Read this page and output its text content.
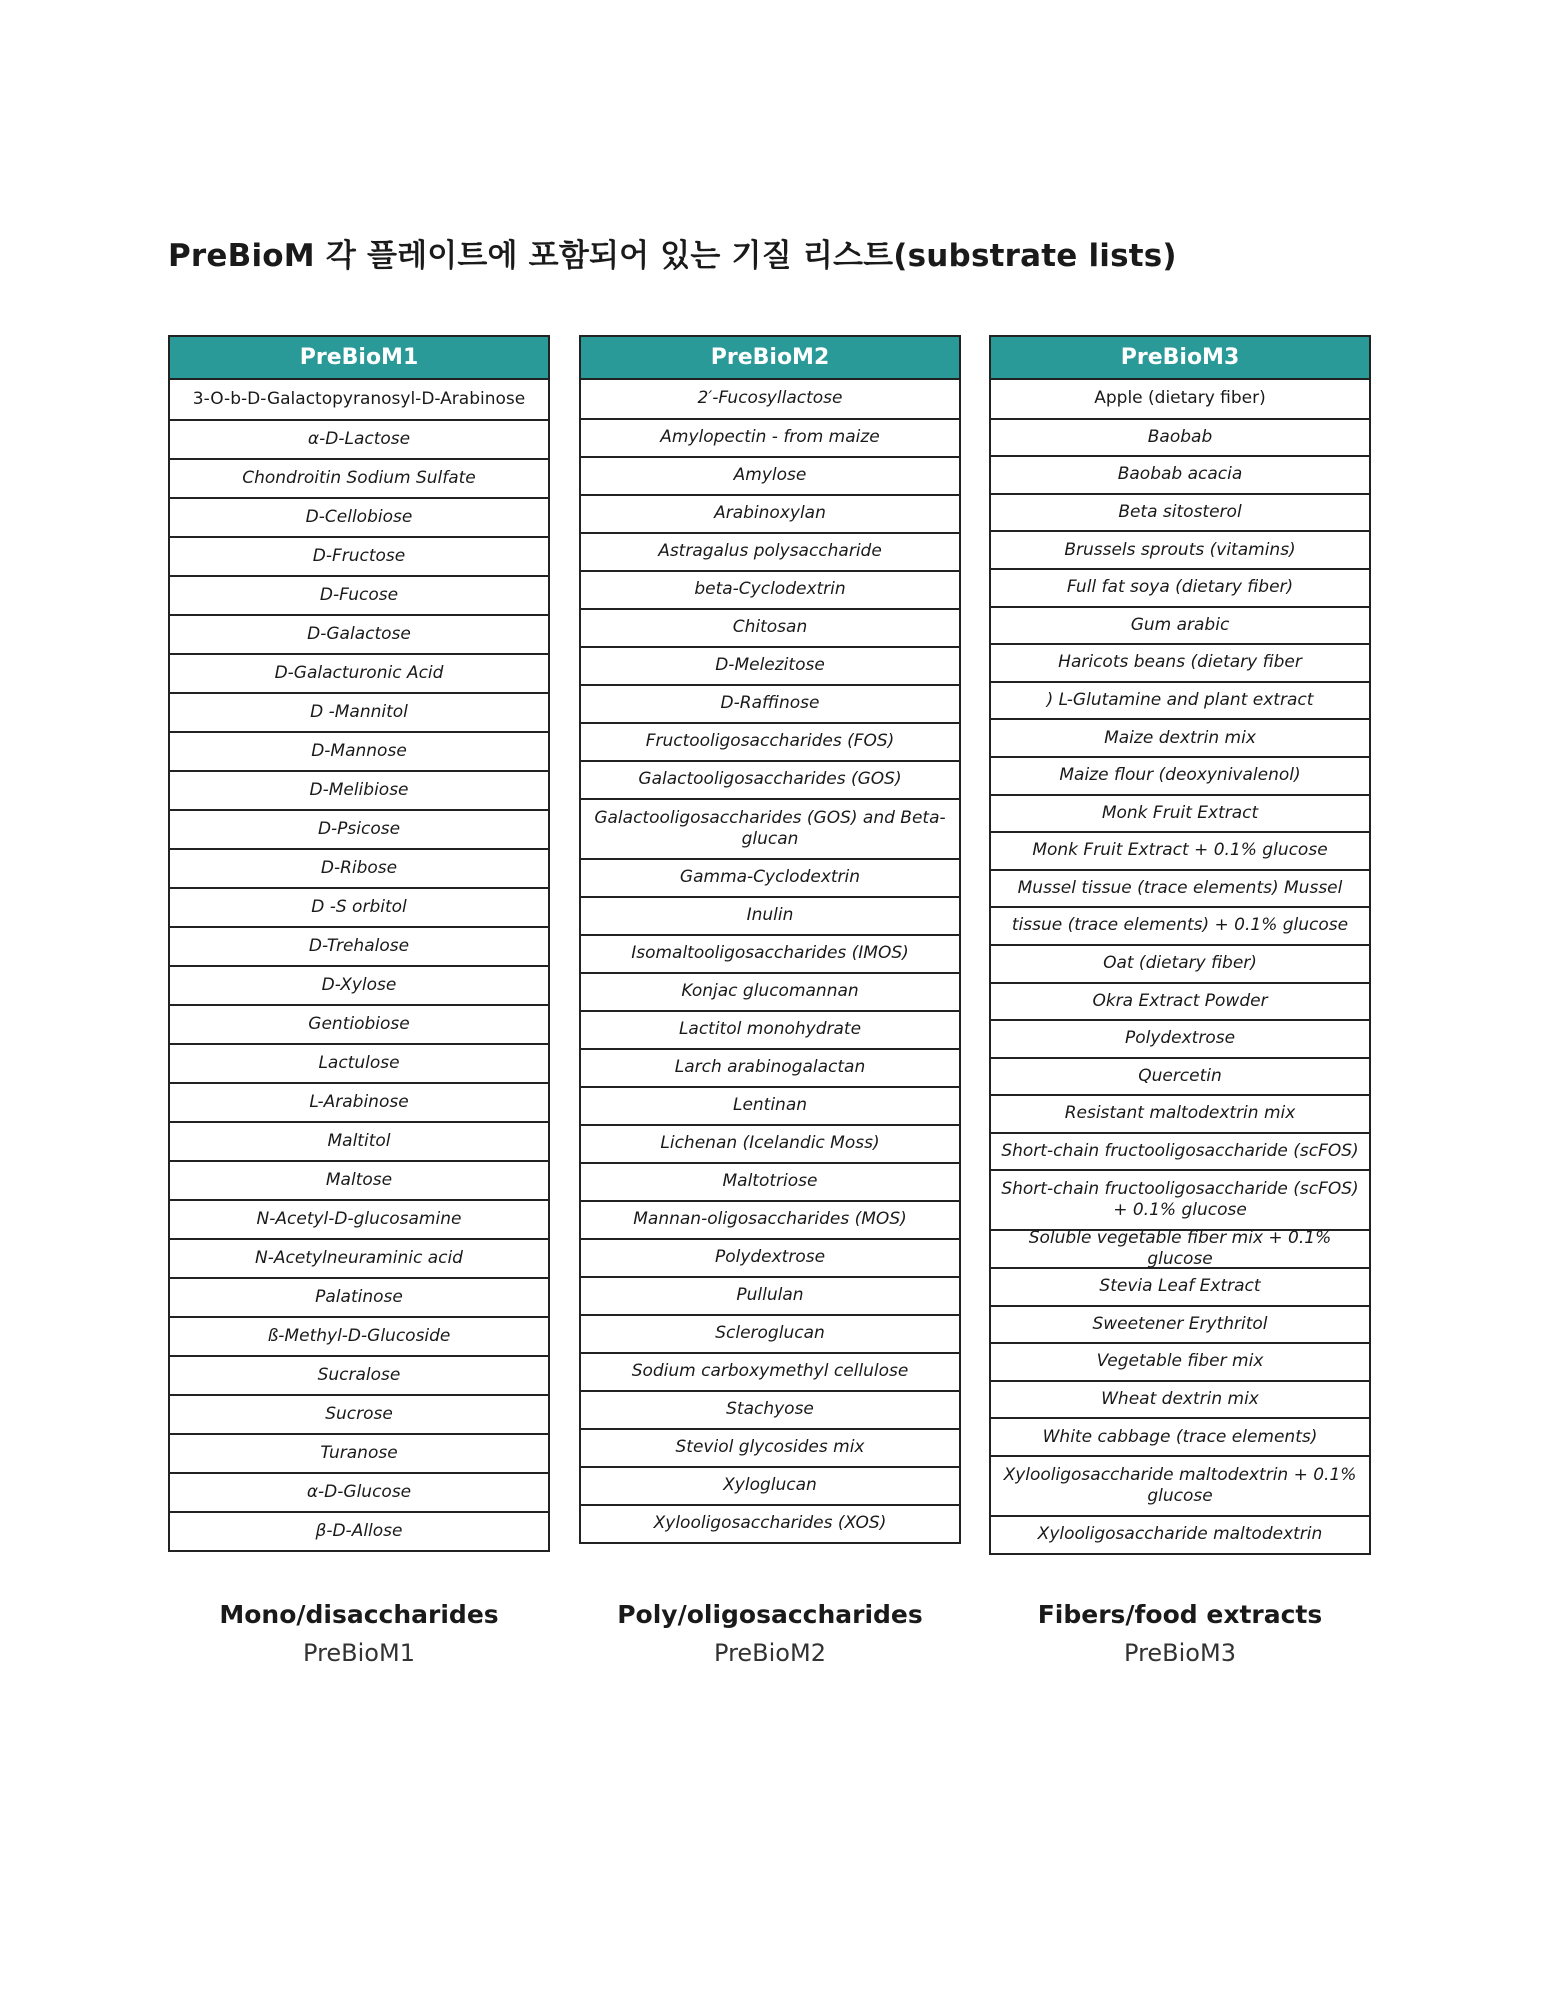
PreBioM 각 플레이트에 포함되어 있는 기질 리스트(substrate lists)
PreBioM1
3-O-b-D-Galactopyranosyl-D-Arabinose
α-D-Lactose
Chondroitin Sodium Sulfate
D-Cellobiose
D-Fructose
D-Fucose
D-Galactose
D-Galacturonic Acid
D -Mannitol
D-Mannose
D-Melibiose
D-Psicose
D-Ribose
D -S orbitol
D-Trehalose
D-Xylose
Gentiobiose
Lactulose
L-Arabinose
Maltitol
Maltose
N-Acetyl-D-glucosamine
N-Acetylneuraminic acid
Palatinose
ß-Methyl-D-Glucoside
Sucralose
Sucrose
Turanose
α-D-Glucose
β-D-Allose
PreBioM2
2′-Fucosyllactose
Amylopectin - from maize
Amylose
Arabinoxylan
Astragalus polysaccharide
beta-Cyclodextrin
Chitosan
D-Melezitose
D-Raffinose
Fructooligosaccharides (FOS)
Galactooligosaccharides (GOS)
Galactooligosaccharides (GOS) and Beta-glucan
Gamma-Cyclodextrin
Inulin
Isomaltooligosaccharides (IMOS)
Konjac glucomannan
Lactitol monohydrate
Larch arabinogalactan
Lentinan
Lichenan (Icelandic Moss)
Maltotriose
Mannan-oligosaccharides (MOS)
Polydextrose
Pullulan
Scleroglucan
Sodium carboxymethyl cellulose
Stachyose
Steviol glycosides mix
Xyloglucan
Xylooligosaccharides (XOS)
PreBioM3
Apple (dietary fiber)
Baobab
Baobab acacia
Beta sitosterol
Brussels sprouts (vitamins)
Full fat soya (dietary fiber)
Gum arabic
Haricots beans (dietary fiber
) L-Glutamine and plant extract
Maize dextrin mix
Maize flour (deoxynivalenol)
Monk Fruit Extract
Monk Fruit Extract + 0.1% glucose
Mussel tissue (trace elements) Mussel
tissue (trace elements) + 0.1% glucose
Oat (dietary fiber)
Okra Extract Powder
Polydextrose
Quercetin
Resistant maltodextrin mix
Short-chain fructooligosaccharide (scFOS)
Short-chain fructooligosaccharide (scFOS) + 0.1% glucose
Soluble vegetable fiber mix + 0.1% glucose
Stevia Leaf Extract
Sweetener Erythritol
Vegetable fiber mix
Wheat dextrin mix
White cabbage (trace elements)
Xylooligosaccharide maltodextrin + 0.1% glucose
Xylooligosaccharide maltodextrin
Mono/disaccharides
PreBioM1
Poly/oligosaccharides
PreBioM2
Fibers/food extracts
PreBioM3
